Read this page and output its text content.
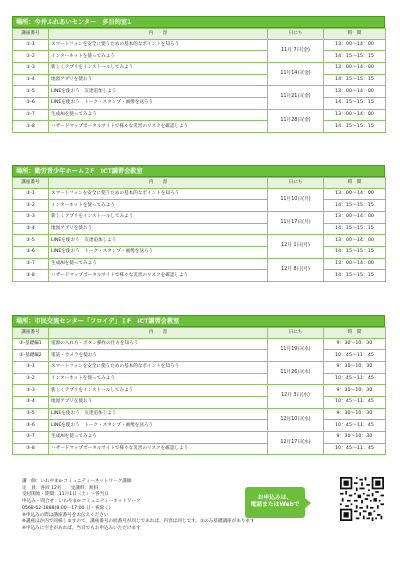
場所：今井ふれあいセンター　多目的室1
講座番号	内　　容	日にち	時　間
①-1	スマートフォンを安全に使うための基本的なポイントを知ろう	11月 7日(金)	13：00～14：00
①-2	インターネットを使ってみよう		14：15～15：15
①-3	新しくアプリをインストールしてみよう	11月14日(金)	13：00～14：00
①-4	地図アプリを使おう		14：15～15：15
①-5	LINEを使おう　友達追加しよう	11月21日(金)	13：00～14：00
①-6	LINEを使おう　トーク・スタンプ・画像を送ろう		14：15～15：15
①-7	生成AIを使ってみよう	11月28日(金)	13：00～14：00
①-8	ハザードマップポータルサイトで様々な災害のリスクを確認しよう		14：15～15：15
場所：勤労青少年ホーム２F　ICT講習会教室
講座番号	内　　容	日にち	時　間
②-1	スマートフォンを安全に使うための基本的なポイントを知ろう	11月10日(月)	13：00～14：00
②-2	インターネットを使ってみよう		14：15～15：15
②-3	新しくアプリをインストールしてみよう	11月17日(月)	13：00～14：00
②-4	地図アプリを使おう		14：15～15：15
②-5	LINEを使おう　友達追加しよう	12月 1日(月)	13：00～14：00
②-6	LINEを使おう　トーク・スタンプ・画像を送ろう		14：15～15：15
②-7	生成AIを使ってみよう	12月 8日(月)	13：00～14：00
②-8	ハザードマップポータルサイトで様々な災害のリスクを確認しよう		14：15～15：15
場所：市民交流センター「フロイデ」１F　ICT講習会教室
講座番号	内　　容	日にち	時　間
③-基礎編1	電源の入れ方・ボタン操作の仕方を知ろう	11月19日(水)	9：30～10：30
③-基礎編2	電話・カメラを使おう		10：45～11：45
③-1	スマートフォンを安全に使うための基本的なポイントを知ろう	11月26日(水)	9：30～10：30
③-2	インターネットを使ってみよう		10：45～11：45
③-3	新しくアプリをインストールしてみよう	12月 3日(水)	9：30～10：30
③-4	地図アプリを使おう		10：45～11：45
③-5	LINEを使おう　友達追加しよう	12月10日(水)	9：30～10：30
③-6	LINEを使おう　トーク・スタンプ・画像を送ろう		10：45～11：45
③-7	生成AIを使ってみよう	12月17日(水)	9：30～10：30
③-8	ハザードマップポータルサイトで様々な災害のリスクを確認しよう		10：45～11：45
講　師：いわやまe-コミュニティーネットワーク講師
定　員：各回 12名　　受講料：無料
受付開始・期間：11月1日（土）～各当日
申込み・問合せ：いわやまe-コミュニティーネットワーク
0568-62-1888(8:00～17:00 日・祝除く)
※申込みの際は講座番号をお伝えください
※講座ほか内で同様しますので、講座番号の続番号が同じであれば、内容は同じです。①のみ基礎講座があります
※申込みに空きがあれば、当日でもお申込みいただけます
お申込みは、
電話またはWebで
